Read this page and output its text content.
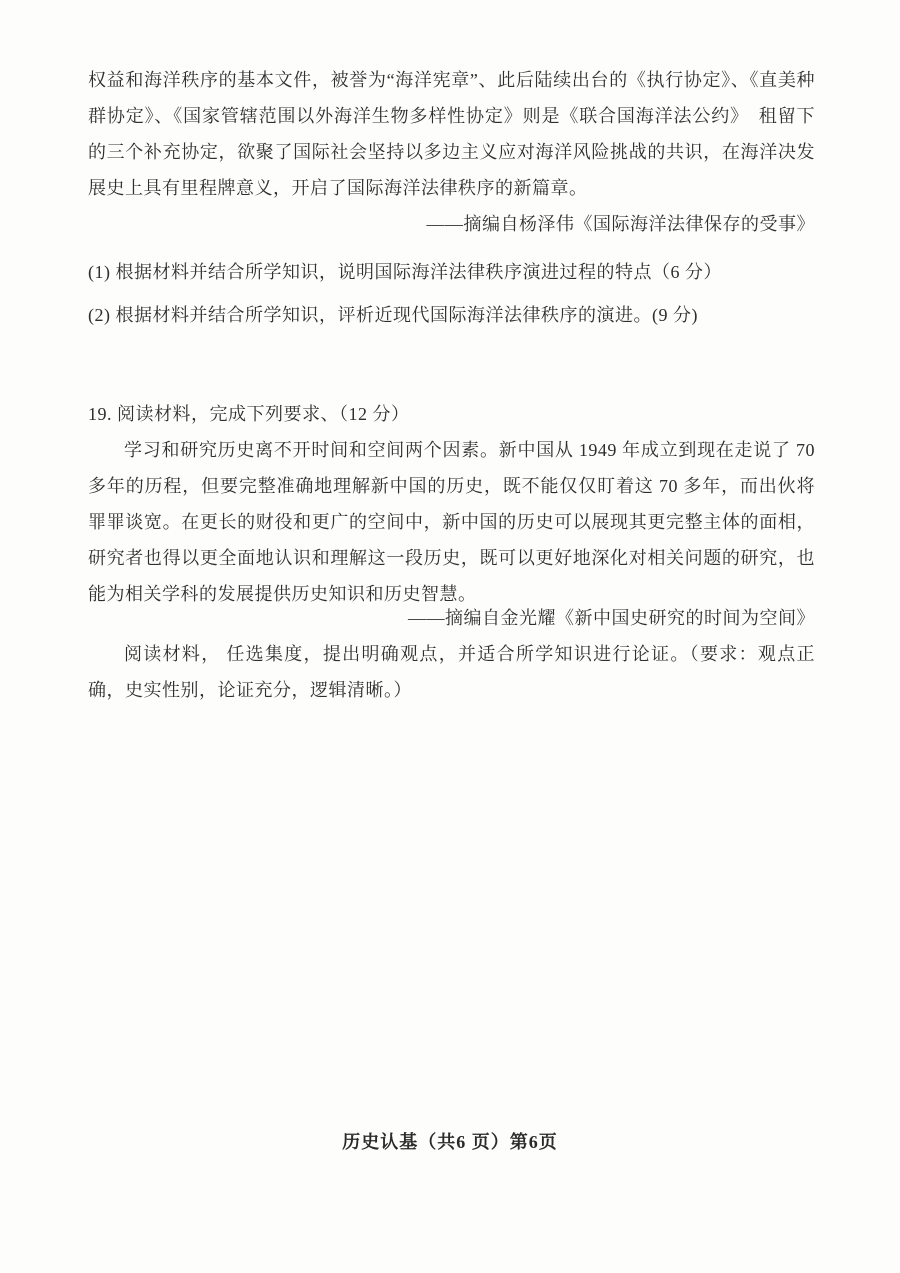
权益和海洋秩序的基本文件，被誉为“海洋宪章”、此后陆续出台的《执行协定》、《直美种群协定》、《国家管辖范围以外海洋生物多样性协定》则是《联合国海洋法公约》　租留下的三个补充协定，欲聚了国际社会坚持以多边主义应对海洋风险挑战的共识，在海洋决发展史上具有里程牌意义，开启了国际海洋法律秩序的新篇章。

——摘编自杨泽伟《国际海洋法律保存的受事》

(1) 根据材料并结合所学知识，说明国际海洋法律秩序演进过程的特点（6 分）

(2) 根据材料并结合所学知识，评析近现代国际海洋法律秩序的演进。(9 分)

19. 阅读材料，完成下列要求、（12 分）

学习和研究历史离不开时间和空间两个因素。新中国从 1949 年成立到现在走说了 70 多年的历程，但要完整准确地理解新中国的历史，既不能仅仅盯着这 70 多年，而出伙将罪罪谈宽。在更长的财役和更广的空间中，新中国的历史可以展现其更完整主体的面相，研究者也得以更全面地认识和理解这一段历史，既可以更好地深化对相关问题的研究，也能为相关学科的发展提供历史知识和历史智慧。

——摘编自金光耀《新中国史研究的时间为空间》

阅读材料， 任选集度，提出明确观点，并适合所学知识进行论证。（要求：观点正确，史实性别，论证充分，逻辑清晰。）

历史认基（共6 页）第6页
